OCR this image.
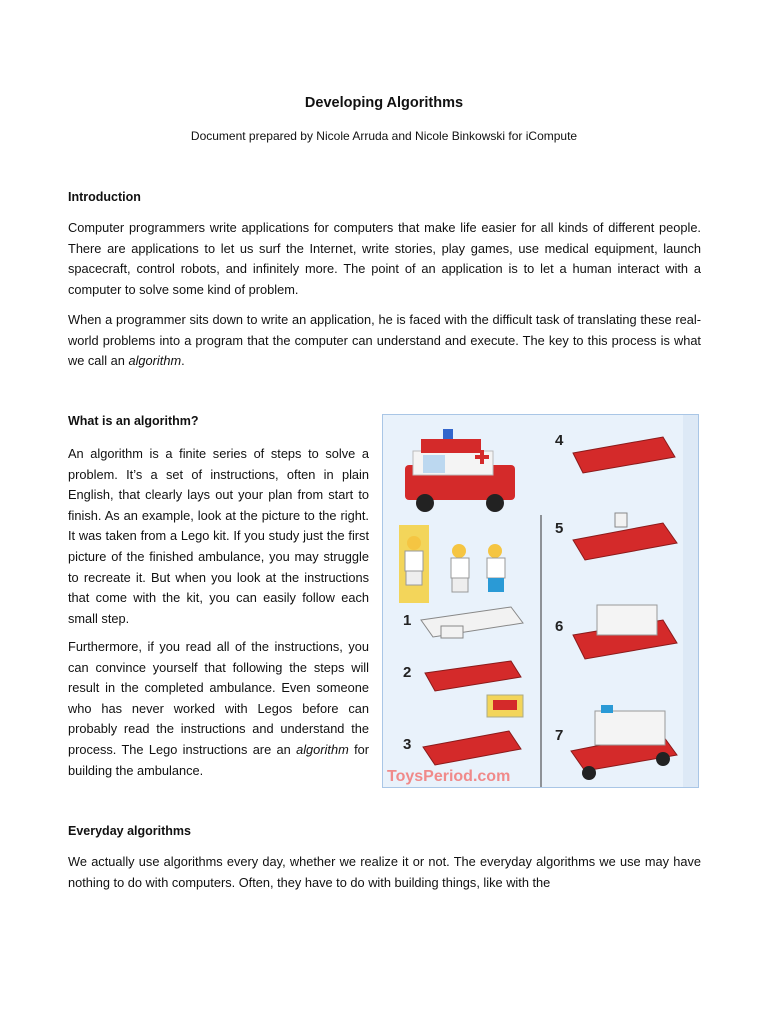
Developing Algorithms
Document prepared by Nicole Arruda and Nicole Binkowski for iCompute
Introduction

Computer programmers write applications for computers that make life easier for all kinds of different people. There are applications to let us surf the Internet, write stories, play games, use medical equipment, launch spacecraft, control robots, and infinitely more. The point of an application is to let a human interact with a computer to solve some kind of problem.

When a programmer sits down to write an application, he is faced with the difficult task of translating these real-world problems into a program that the computer can understand and execute. The key to this process is what we call an algorithm.

What is an algorithm?

An algorithm is a finite series of steps to solve a problem. It’s a set of instructions, often in plain English, that clearly lays out your plan from start to finish. As an example, look at the picture to the right. It was taken from a Lego kit. If you study just the first picture of the finished ambulance, you may struggle to recreate it. But when you look at the instructions that come with the kit, you can easily follow each small step.

Furthermore, if you read all of the instructions, you can convince yourself that following the steps will result in the completed ambulance. Even someone who has never worked with Legos before can probably read the instructions and understand the process. The Lego instructions are an algorithm for building the ambulance.

1
2
3
4
5
6
7
ToysPeriod.com
Everyday algorithms

We actually use algorithms every day, whether we realize it or not. The everyday algorithms we use may have nothing to do with computers. Often, they have to do with building things, like with the
